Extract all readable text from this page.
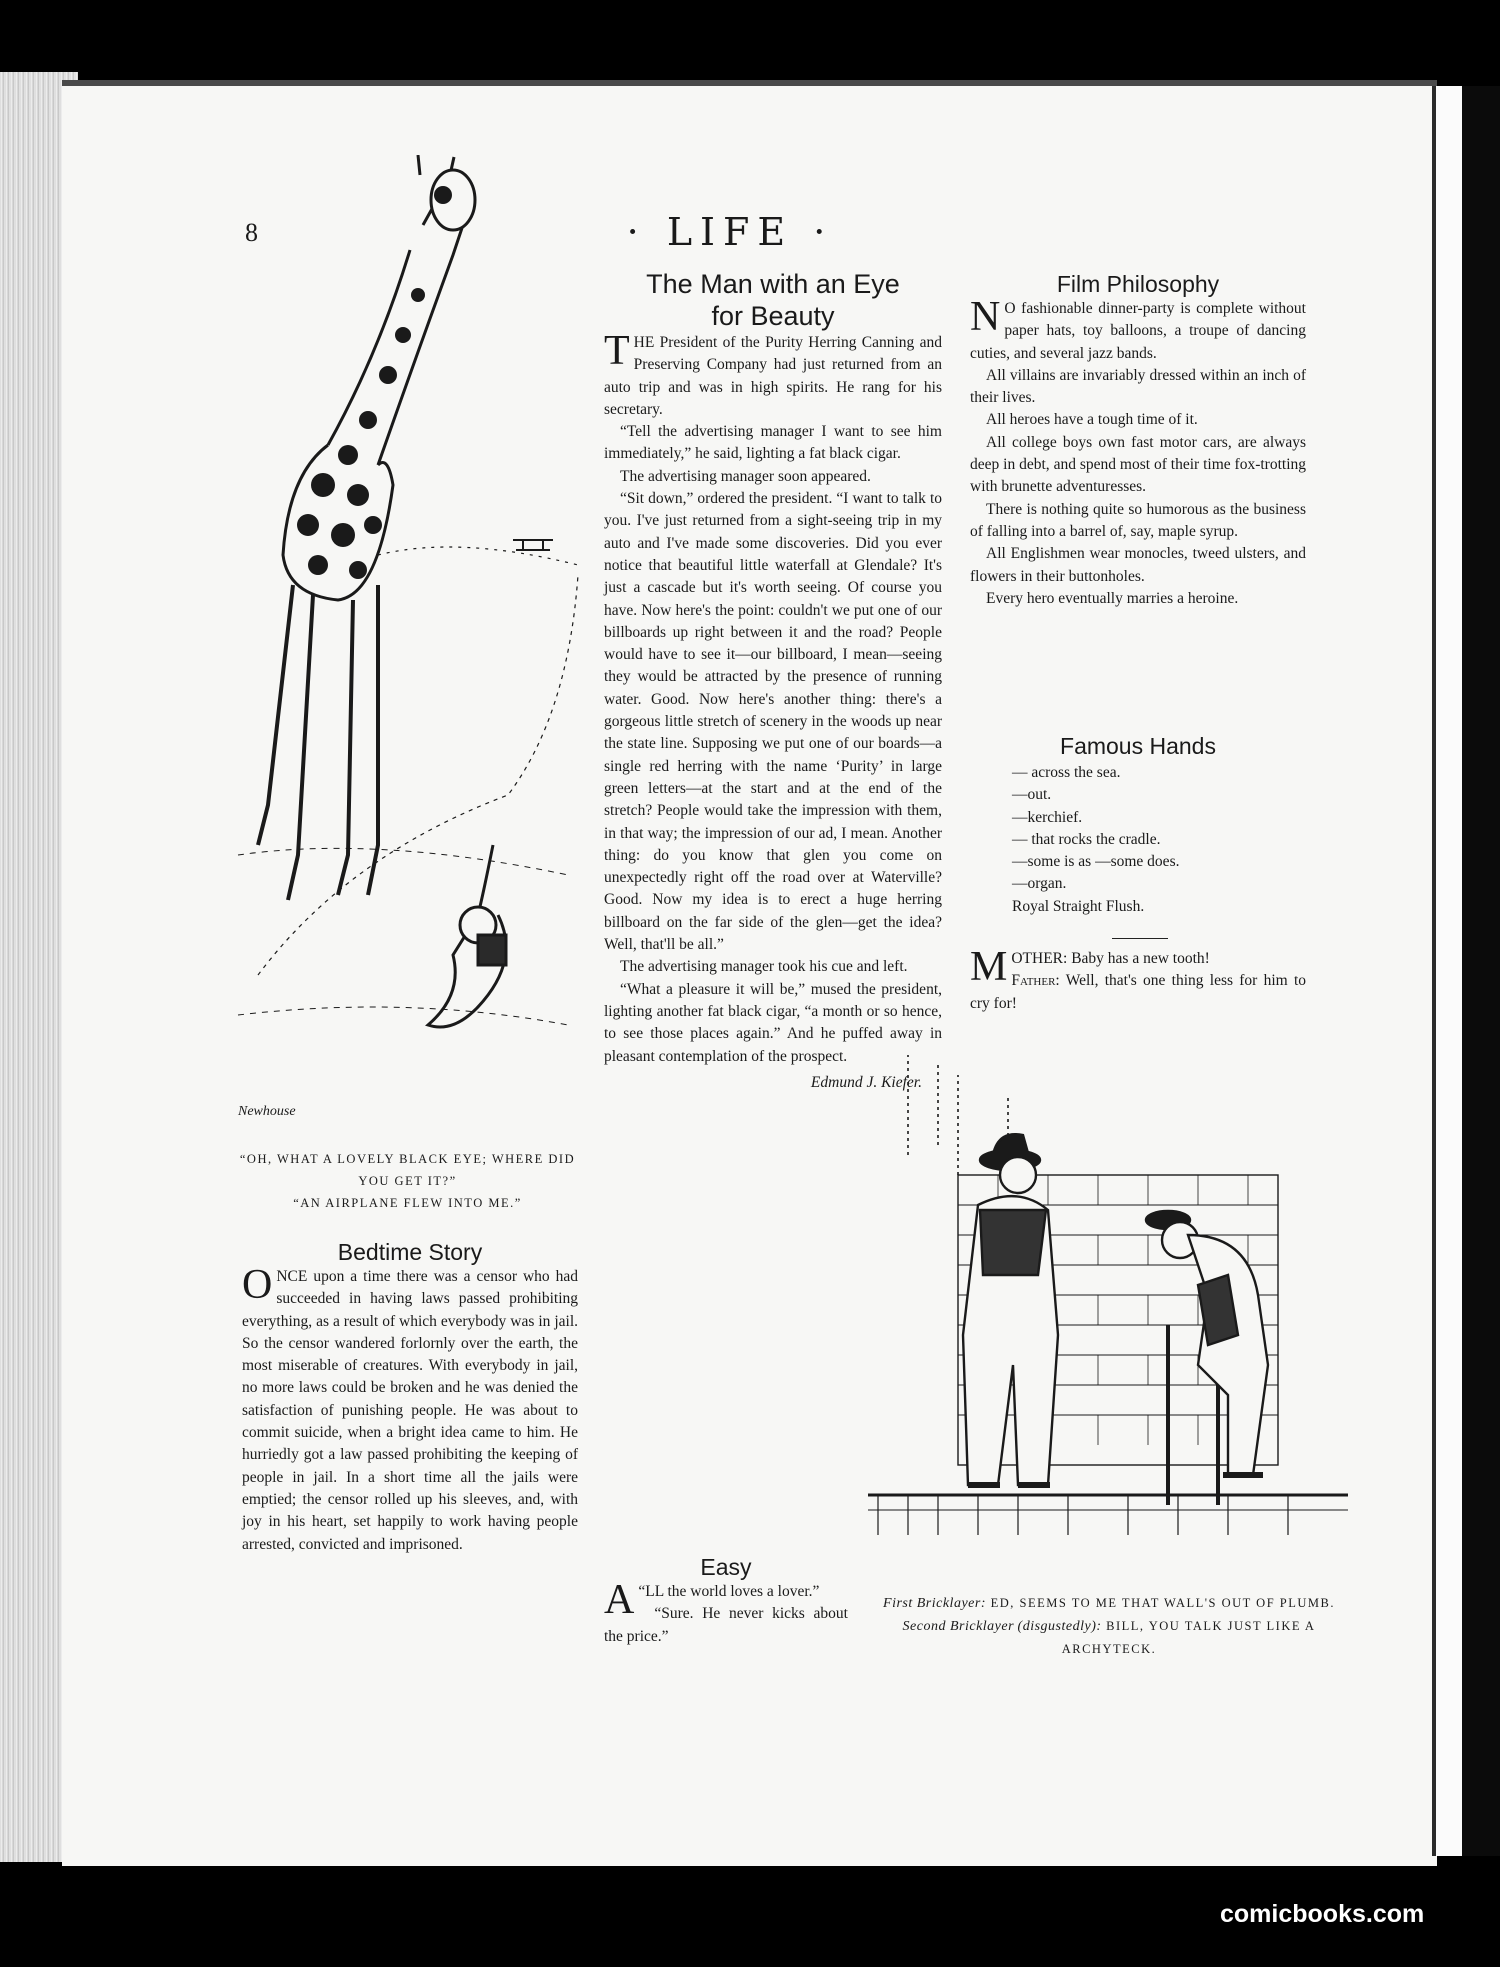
8	· LIFE ·
Newhouse
“OH, WHAT A LOVELY BLACK EYE; WHERE DID YOU GET IT?”
“AN AIRPLANE FLEW INTO ME.”
Bedtime Story

ONCE upon a time there was a censor who had succeeded in having laws passed prohibiting everything, as a result of which everybody was in jail. So the censor wandered forlornly over the earth, the most miserable of creatures. With everybody in jail, no more laws could be broken and he was denied the satisfaction of punishing people. He was about to commit suicide, when a bright idea came to him. He hurriedly got a law passed prohibiting the keeping of people in jail. In a short time all the jails were emptied; the censor rolled up his sleeves, and, with joy in his heart, set happily to work having people arrested, convicted and imprisoned.

The Man with an Eye
for Beauty

THE President of the Purity Herring Canning and Preserving Company had just returned from an auto trip and was in high spirits. He rang for his secretary.

“Tell the advertising manager I want to see him immediately,” he said, lighting a fat black cigar.

The advertising manager soon appeared.

“Sit down,” ordered the president. “I want to talk to you. I've just returned from a sight-seeing trip in my auto and I've made some discoveries. Did you ever notice that beautiful little waterfall at Glendale? It's just a cascade but it's worth seeing. Of course you have. Now here's the point: couldn't we put one of our billboards up right between it and the road? People would have to see it—our billboard, I mean—seeing they would be attracted by the presence of running water. Good. Now here's another thing: there's a gorgeous little stretch of scenery in the woods up near the state line. Supposing we put one of our boards—a single red herring with the name ‘Purity’ in large green letters—at the start and at the end of the stretch? People would take the impression with them, in that way; the impression of our ad, I mean. Another thing: do you know that glen you come on unexpectedly right off the road over at Waterville? Good. Now my idea is to erect a huge herring billboard on the far side of the glen—get the idea? Well, that'll be all.”

The advertising manager took his cue and left.

“What a pleasure it will be,” mused the president, lighting another fat black cigar, “a month or so hence, to see those places again.” And he puffed away in pleasant contemplation of the prospect.

Edmund J. Kiefer.
Easy

“
A LL the world loves a lover.”

“Sure. He never kicks about the price.”

Film Philosophy

N O fashionable dinner-party is complete without paper hats, toy balloons, a troupe of dancing cuties, and several jazz bands.

All villains are invariably dressed within an inch of their lives.

All heroes have a tough time of it.

All college boys own fast motor cars, are always deep in debt, and spend most of their time fox-trotting with brunette adventuresses.

There is nothing quite so humorous as the business of falling into a barrel of, say, maple syrup.

All Englishmen wear monocles, tweed ulsters, and flowers in their buttonholes.

Every hero eventually marries a heroine.

Famous Hands
— across the sea.
—out.
—kerchief.
— that rocks the cradle.
—some is as —some does.
—organ.
Royal Straight Flush.

MOTHER: Baby has a new tooth!
Father: Well, that's one thing less for him to cry for!

First Bricklayer: ED, SEEMS TO ME THAT WALL'S OUT OF PLUMB.
Second Bricklayer (disgustedly): BILL, YOU TALK JUST LIKE A ARCHYTECK.
comicbooks.com
